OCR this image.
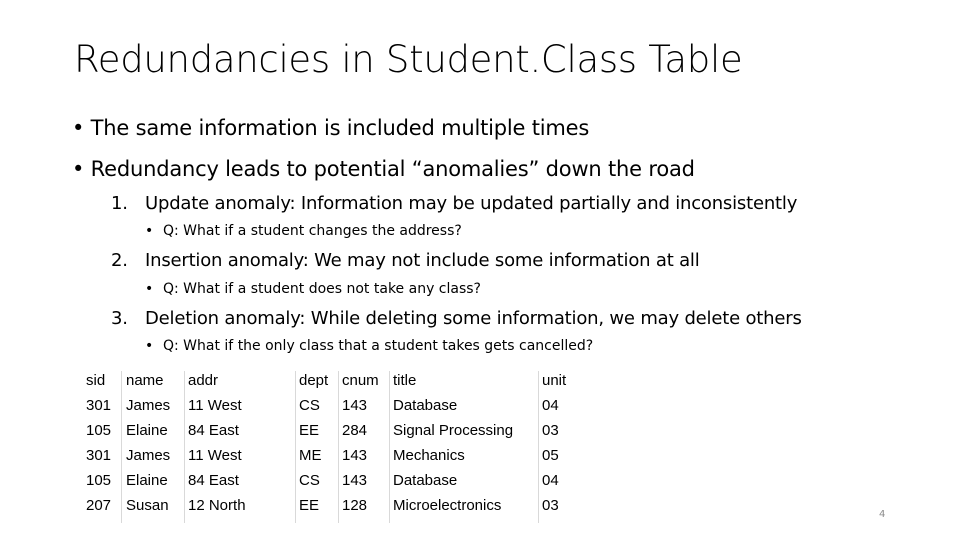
Redundancies in Student.Class Table
• The same information is included multiple times
• Redundancy leads to potential “anomalies” down the road
1. Update anomaly: Information may be updated partially and inconsistently
• Q: What if a student changes the address?
2. Insertion anomaly: We may not include some information at all
• Q: What if a student does not take any class?
3. Deletion anomaly: While deleting some information, we may delete others
• Q: What if the only class that a student takes gets cancelled?
sid name addr	dept cnum title	unit
301 James 11 West	CS 143 Database	04
105 Elaine 84 East	EE 284 Signal Processing 03
301 James 11 West	ME 143 Mechanics	05
105 Elaine 84 East	CS 143 Database	04
207 Susan 12 North	EE 128 Microelectronics	03
4
